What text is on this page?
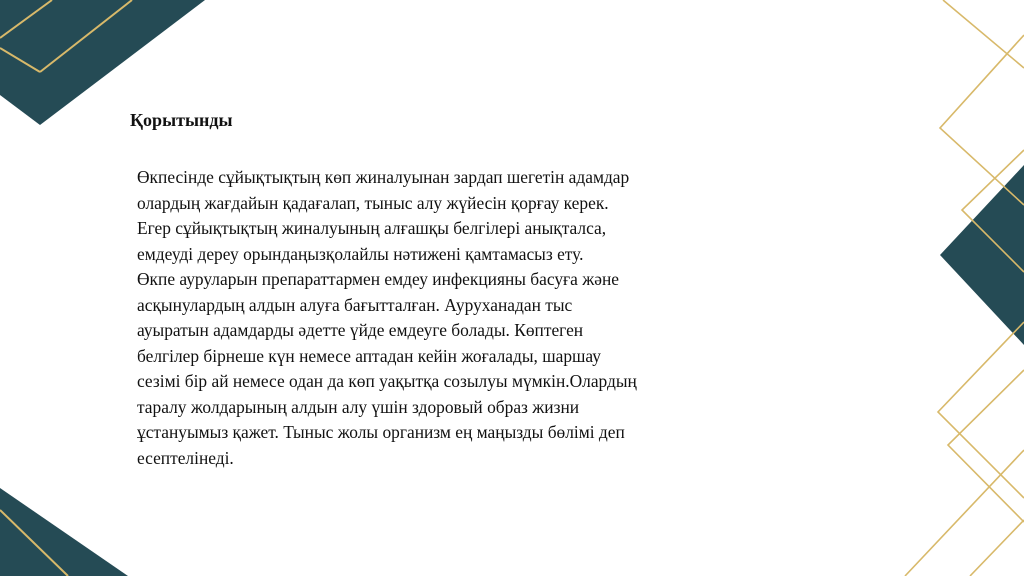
Қорытынды

Өкпесінде сұйықтықтың көп жиналуынан зардап шегетін адамдар
олардың жағдайын қадағалап, тыныс алу жүйесін қорғау керек.
Егер сұйықтықтың жиналуының алғашқы белгілері анықталса,
емдеуді дереу орындаңызқолайлы нәтижені қамтамасыз ету.
Өкпе ауруларын препараттармен емдеу инфекцияны басуға және
асқынулардың алдын алуға бағытталған. Ауруханадан тыс
ауыратын адамдарды әдетте үйде емдеуге болады. Көптеген
белгілер бірнеше күн немесе аптадан кейін жоғалады, шаршау
сезімі бір ай немесе одан да көп уақытқа созылуы мүмкін.Олардың
таралу жолдарының алдын алу үшін здоровый образ жизни
ұстануымыз қажет. Тыныс жолы организм ең маңызды бөлімі деп
есептелінеді.
